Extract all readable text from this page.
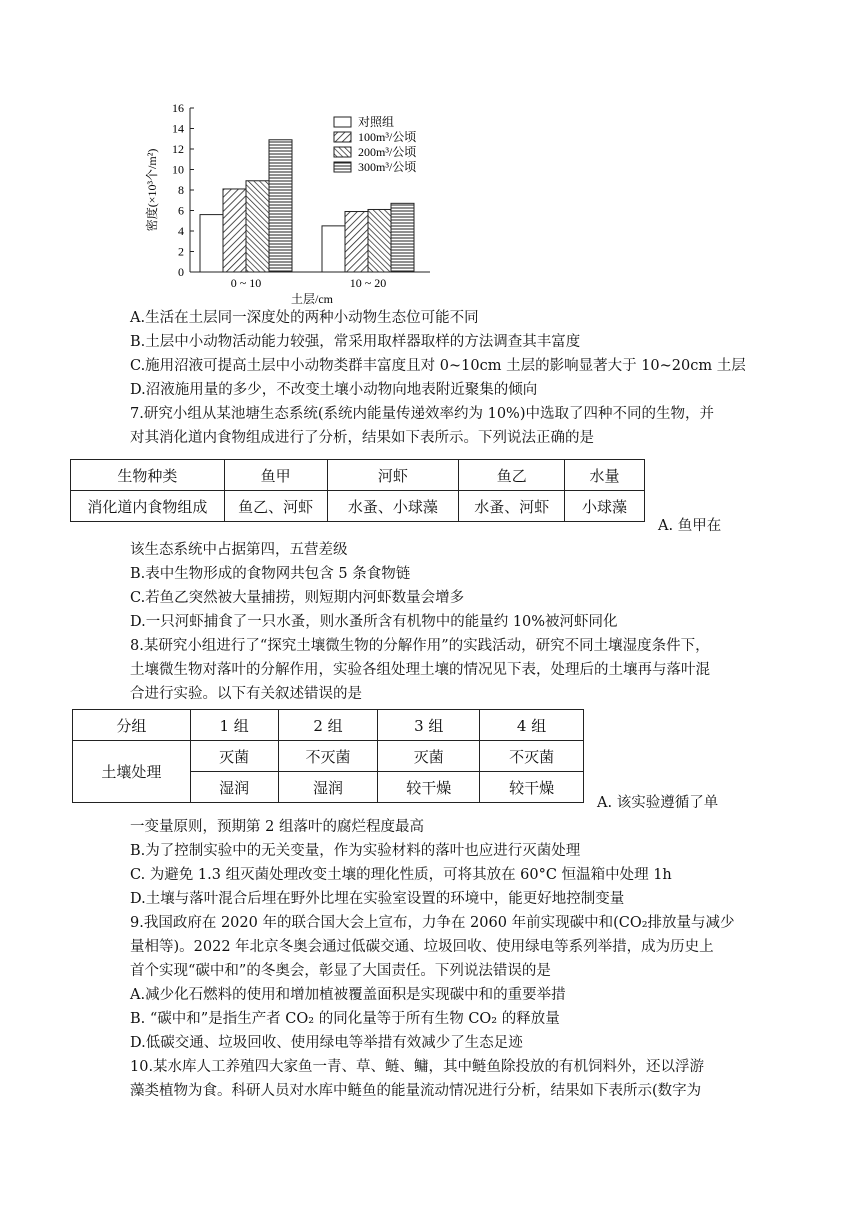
0
2
4
6
8
10
12
14
16
密度(×10³个/m²)
0 ~ 10	10 ~ 20
土层/cm
对照组
100m³/公顷
200m³/公顷
300m³/公顷
A.生活在土层同一深度处的两种小动物生态位可能不同
B.土层中小动物活动能力较强，常采用取样器取样的方法调查其丰富度
C.施用沼液可提高土层中小动物类群丰富度且对 0~10cm 土层的影响显著大于 10~20cm 土层
D.沼液施用量的多少，不改变土壤小动物向地表附近聚集的倾向
7.研究小组从某池塘生态系统(系统内能量传递效率约为 10%)中选取了四种不同的生物，并
对其消化道内食物组成进行了分析，结果如下表所示。下列说法正确的是
生物种类	鱼甲	河虾	鱼乙	水量
消化道内食物组成	鱼乙、河虾	水蚤、小球藻	水蚤、河虾	小球藻
A. 鱼甲在
该生态系统中占据第四，五营差级
B.表中生物形成的食物网共包含 5 条食物链
C.若鱼乙突然被大量捕捞，则短期内河虾数量会增多
D.一只河虾捕食了一只水蚤，则水蚤所含有机物中的能量约 10%被河虾同化
8.某研究小组进行了“探究土壤微生物的分解作用”的实践活动，研究不同土壤湿度条件下，
土壤微生物对落叶的分解作用，实验各组处理土壤的情况见下表，处理后的土壤再与落叶混
合进行实验。以下有关叙述错误的是
分组	1 组	2 组	3 组	4 组
土壤处理	灭菌	不灭菌	灭菌	不灭菌
	湿润	湿润	较干燥	较干燥
A. 该实验遵循了单
一变量原则，预期第 2 组落叶的腐烂程度最高
B.为了控制实验中的无关变量，作为实验材料的落叶也应进行灭菌处理
C. 为避免 1.3 组灭菌处理改变土壤的理化性质，可将其放在 60°C 恒温箱中处理 1h
D.土壤与落叶混合后埋在野外比埋在实验室设置的环境中，能更好地控制变量
9.我国政府在 2020 年的联合国大会上宣布，力争在 2060 年前实现碳中和(CO₂排放量与减少
量相等)。2022 年北京冬奥会通过低碳交通、垃圾回收、使用绿电等系列举措，成为历史上
首个实现“碳中和”的冬奥会，彰显了大国责任。下列说法错误的是
A.减少化石燃料的使用和增加植被覆盖面积是实现碳中和的重要举措
B. “碳中和”是指生产者 CO₂ 的同化量等于所有生物 CO₂ 的释放量
D.低碳交通、垃圾回收、使用绿电等举措有效减少了生态足迹
10.某水库人工养殖四大家鱼一青、草、鲢、鳙，其中鲢鱼除投放的有机饲料外，还以浮游
藻类植物为食。科研人员对水库中鲢鱼的能量流动情况进行分析，结果如下表所示(数字为
